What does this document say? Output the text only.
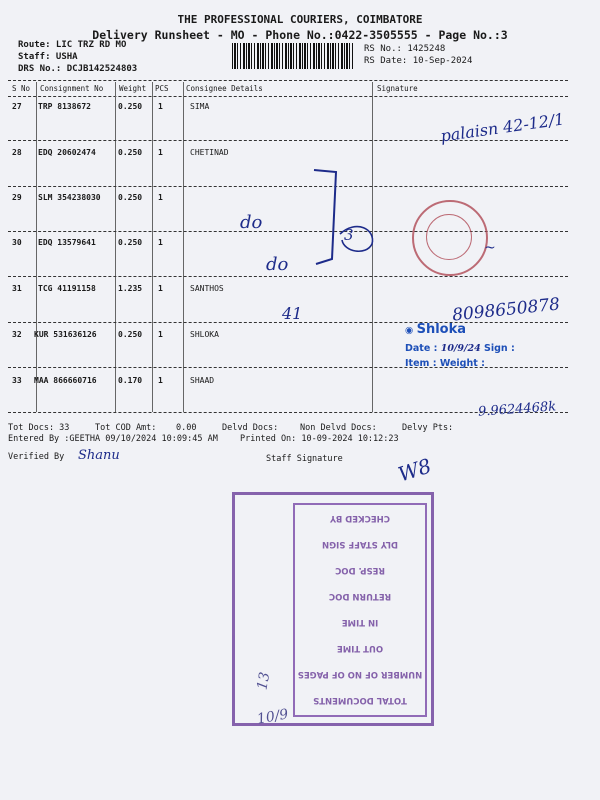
THE PROFESSIONAL COURIERS, COIMBATORE
Delivery Runsheet - MO - Phone No.:0422-3505555 - Page No.:3
Route: LIC TRZ RD MO
Staff: USHA
DRS No.: DCJB142524803
RS No.: 1425248
RS Date: 10-Sep-2024
S No Consignment No Weight PCS Consignee Details	Signature
27 TRP 8138672	0.250 1	SIMA
28 EDQ 20602474	0.250 1	CHETINAD
29 SLM 354238030 0.250 1
30 EDQ 13579641	0.250 1
31 TCG 41191158	1.235 1	SANTHOS
32 KUR 531636126	0.250 1	SHLOKA
33 MAA 866660716	0.170 1	SHAAD
Tot Docs: 33	Tot COD Amt: 0.00	Delvd Docs:	Non Delvd Docs:	Delvy Pts:
Entered By :GEETHA 09/10/2024 10:09:45 AM	Printed On: 10-09-2024 10:12:23
Verified By	Staff Signature
palaisn 42-12/1
do
do
3
41	8098650878
9.9624468k
Shanu	W8
~
◉ Shloka
Date : 10/9/24 Sign :
Item : Weight :
CHECKED BY
DLY STAFF SIGN
RESP. DOC
RETURN DOC
IN TIME
OUT TIME
NUMBER OF NO OF PAGES
TOTAL DOCUMENTS
13
10/9
